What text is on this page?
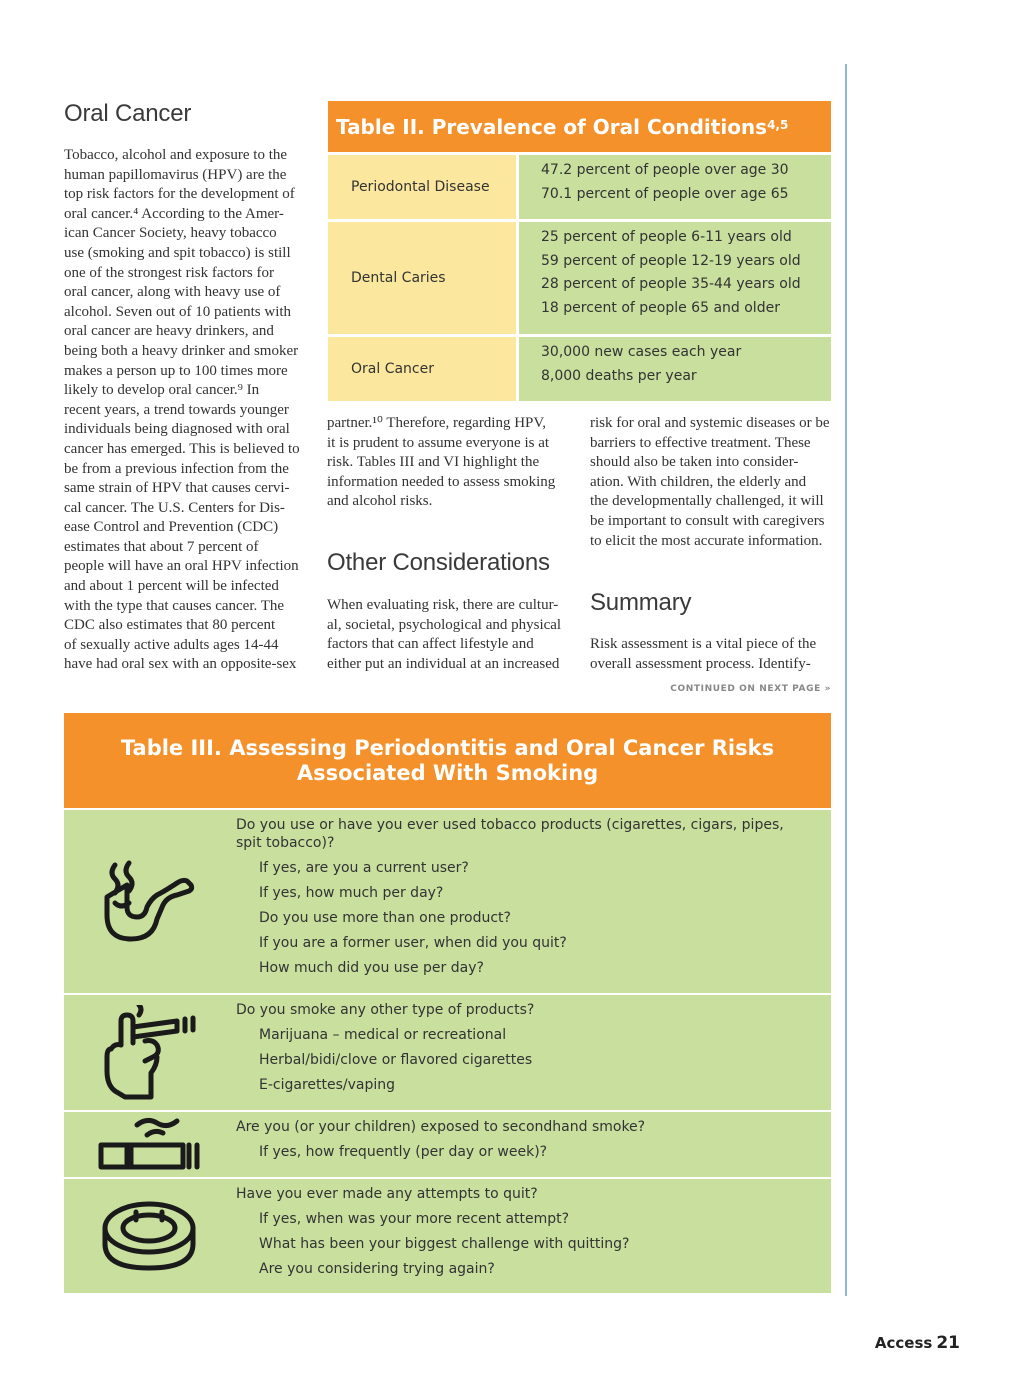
Oral Cancer
Tobacco, alcohol and exposure to the
human papillomavirus (HPV) are the
top risk factors for the development of
oral cancer.⁴ According to the Amer-
ican Cancer Society, heavy tobacco
use (smoking and spit tobacco) is still
one of the strongest risk factors for
oral cancer, along with heavy use of
alcohol. Seven out of 10 patients with
oral cancer are heavy drinkers, and
being both a heavy drinker and smoker
makes a person up to 100 times more
likely to develop oral cancer.⁹ In
recent years, a trend towards younger
individuals being diagnosed with oral
cancer has emerged. This is believed to
be from a previous infection from the
same strain of HPV that causes cervi-
cal cancer. The U.S. Centers for Dis-
ease Control and Prevention (CDC)
estimates that about 7 percent of
people will have an oral HPV infection
and about 1 percent will be infected
with the type that causes cancer. The
CDC also estimates that 80 percent
of sexually active adults ages 14-44
have had oral sex with an opposite-sex
Table II. Prevalence of Oral Conditions$^{4,5}$
Periodontal Disease
47.2 percent of people over age 30
70.1 percent of people over age 65
Dental Caries
25 percent of people 6-11 years old
59 percent of people 12-19 years old
28 percent of people 35-44 years old
18 percent of people 65 and older
Oral Cancer
30,000 new cases each year
8,000 deaths per year
partner.¹⁰ Therefore, regarding HPV,
it is prudent to assume everyone is at
risk. Tables III and VI highlight the
information needed to assess smoking
and alcohol risks.
Other Considerations
When evaluating risk, there are cultur-
al, societal, psychological and physical
factors that can affect lifestyle and
either put an individual at an increased
risk for oral and systemic diseases or be
barriers to effective treatment. These
should also be taken into consider-
ation. With children, the elderly and
the developmentally challenged, it will
be important to consult with caregivers
to elicit the most accurate information.
Summary
Risk assessment is a vital piece of the
overall assessment process. Identify-
CONTINUED ON NEXT PAGE »
Table III. Assessing Periodontitis and Oral Cancer Risks
Associated With Smoking

Do you use or have you ever used tobacco products (cigarettes, cigars, pipes, spit tobacco)?

If yes, are you a current user?

If yes, how much per day?

Do you use more than one product?

If you are a former user, when did you quit?

How much did you use per day?

Do you smoke any other type of products?

Marijuana – medical or recreational

Herbal/bidi/clove or flavored cigarettes

E-cigarettes/vaping

Are you (or your children) exposed to secondhand smoke?

If yes, how frequently (per day or week)?

Have you ever made any attempts to quit?

If yes, when was your more recent attempt?

What has been your biggest challenge with quitting?

Are you considering trying again?

Access 21
